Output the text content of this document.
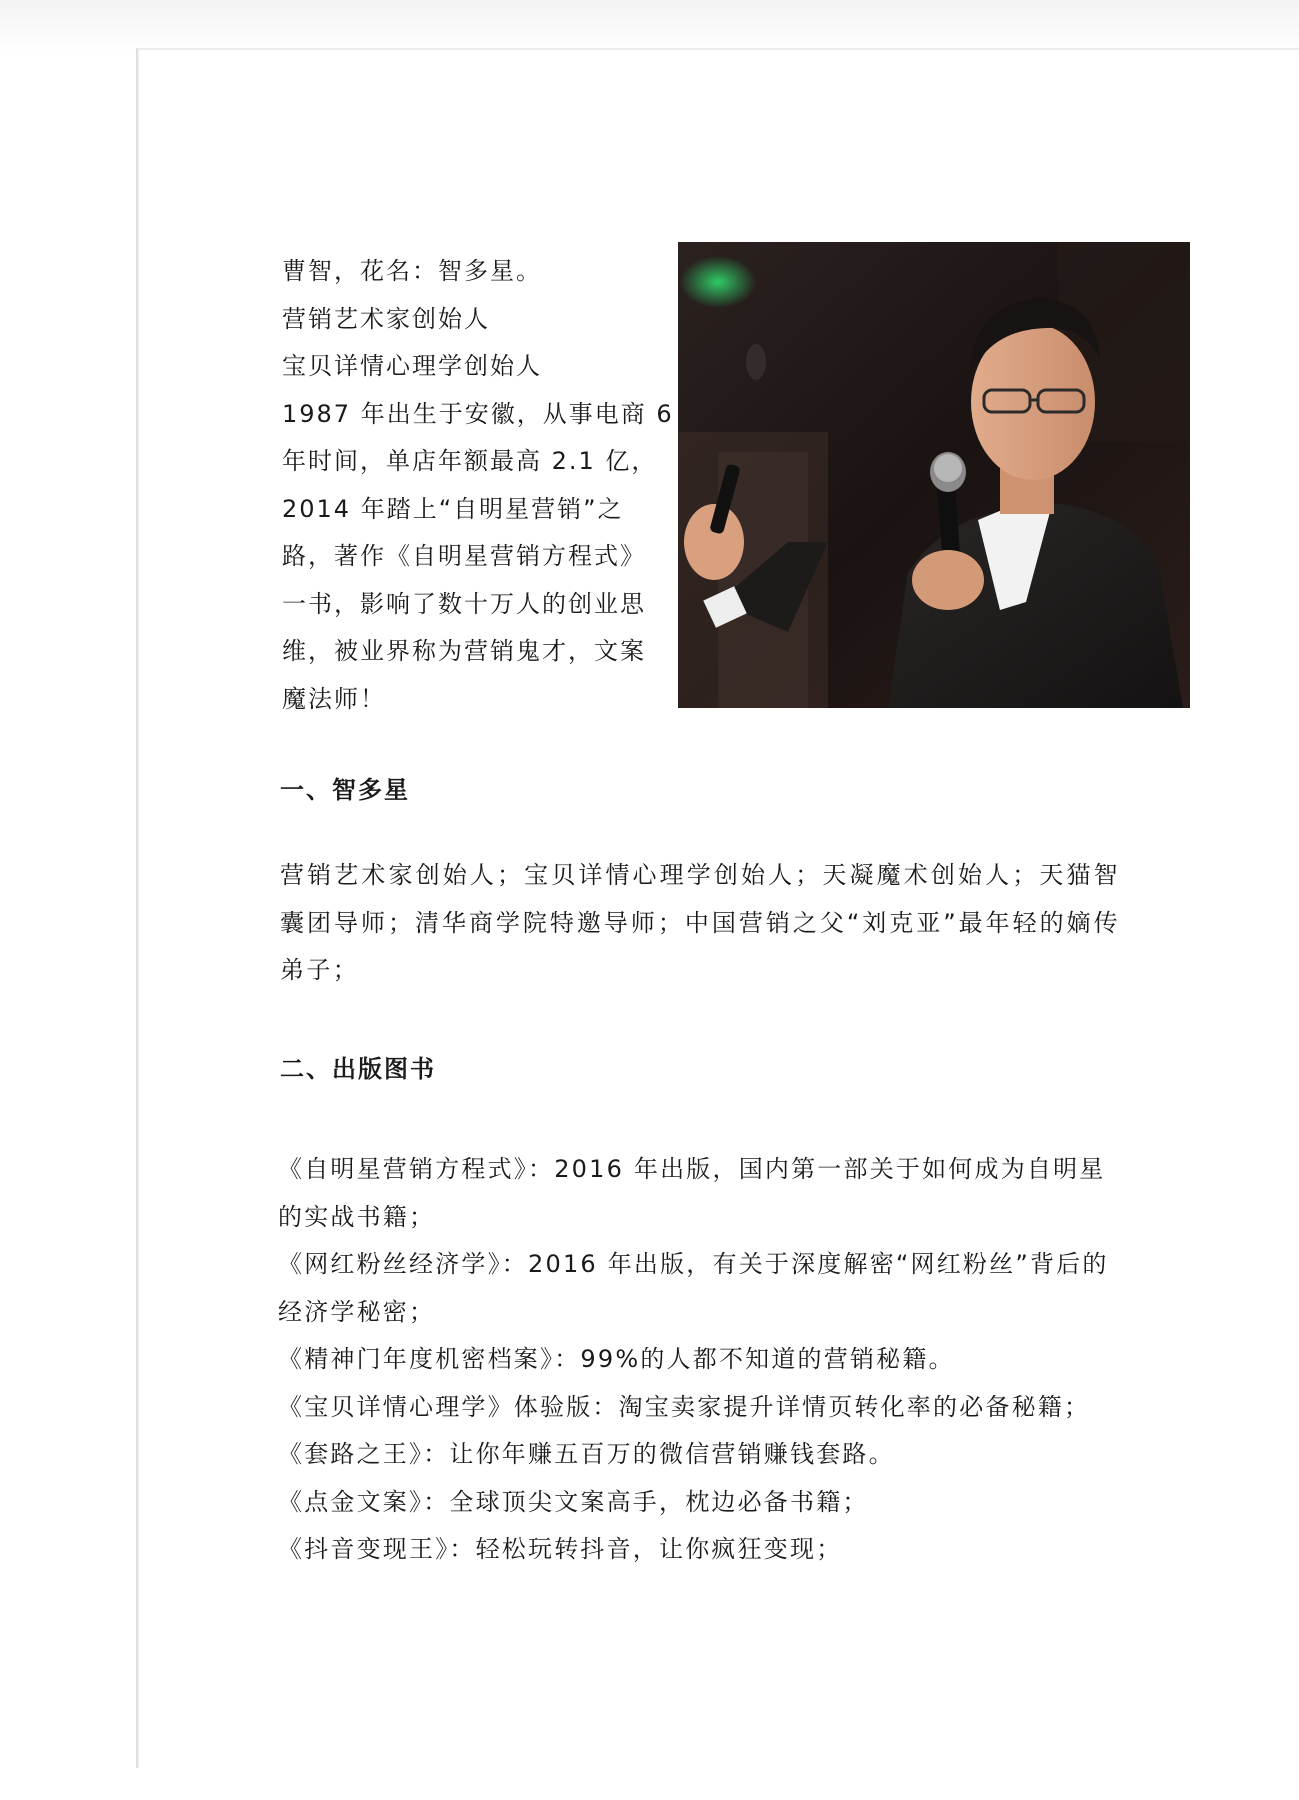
曹智，花名：智多星。

营销艺术家创始人

宝贝详情心理学创始人

1987 年出生于安徽，从事电商 6

年时间，单店年额最高 2.1 亿，

2014 年踏上“自明星营销”之

路，著作《自明星营销方程式》

一书，影响了数十万人的创业思

维，被业界称为营销鬼才，文案

魔法师！

一、智多星

营销艺术家创始人；宝贝详情心理学创始人；天凝魔术创始人；天猫智囊团导师；清华商学院特邀导师；中国营销之父“刘克亚”最年轻的嫡传弟子；

二、出版图书
《自明星营销方程式》：2016 年出版，国内第一部关于如何成为自明星的实战书籍；
《网红粉丝经济学》：2016 年出版，有关于深度解密“网红粉丝”背后的经济学秘密；
《精神门年度机密档案》：99%的人都不知道的营销秘籍。
《宝贝详情心理学》体验版：淘宝卖家提升详情页转化率的必备秘籍；
《套路之王》：让你年赚五百万的微信营销赚钱套路。
《点金文案》：全球顶尖文案高手，枕边必备书籍；
《抖音变现王》：轻松玩转抖音，让你疯狂变现；
